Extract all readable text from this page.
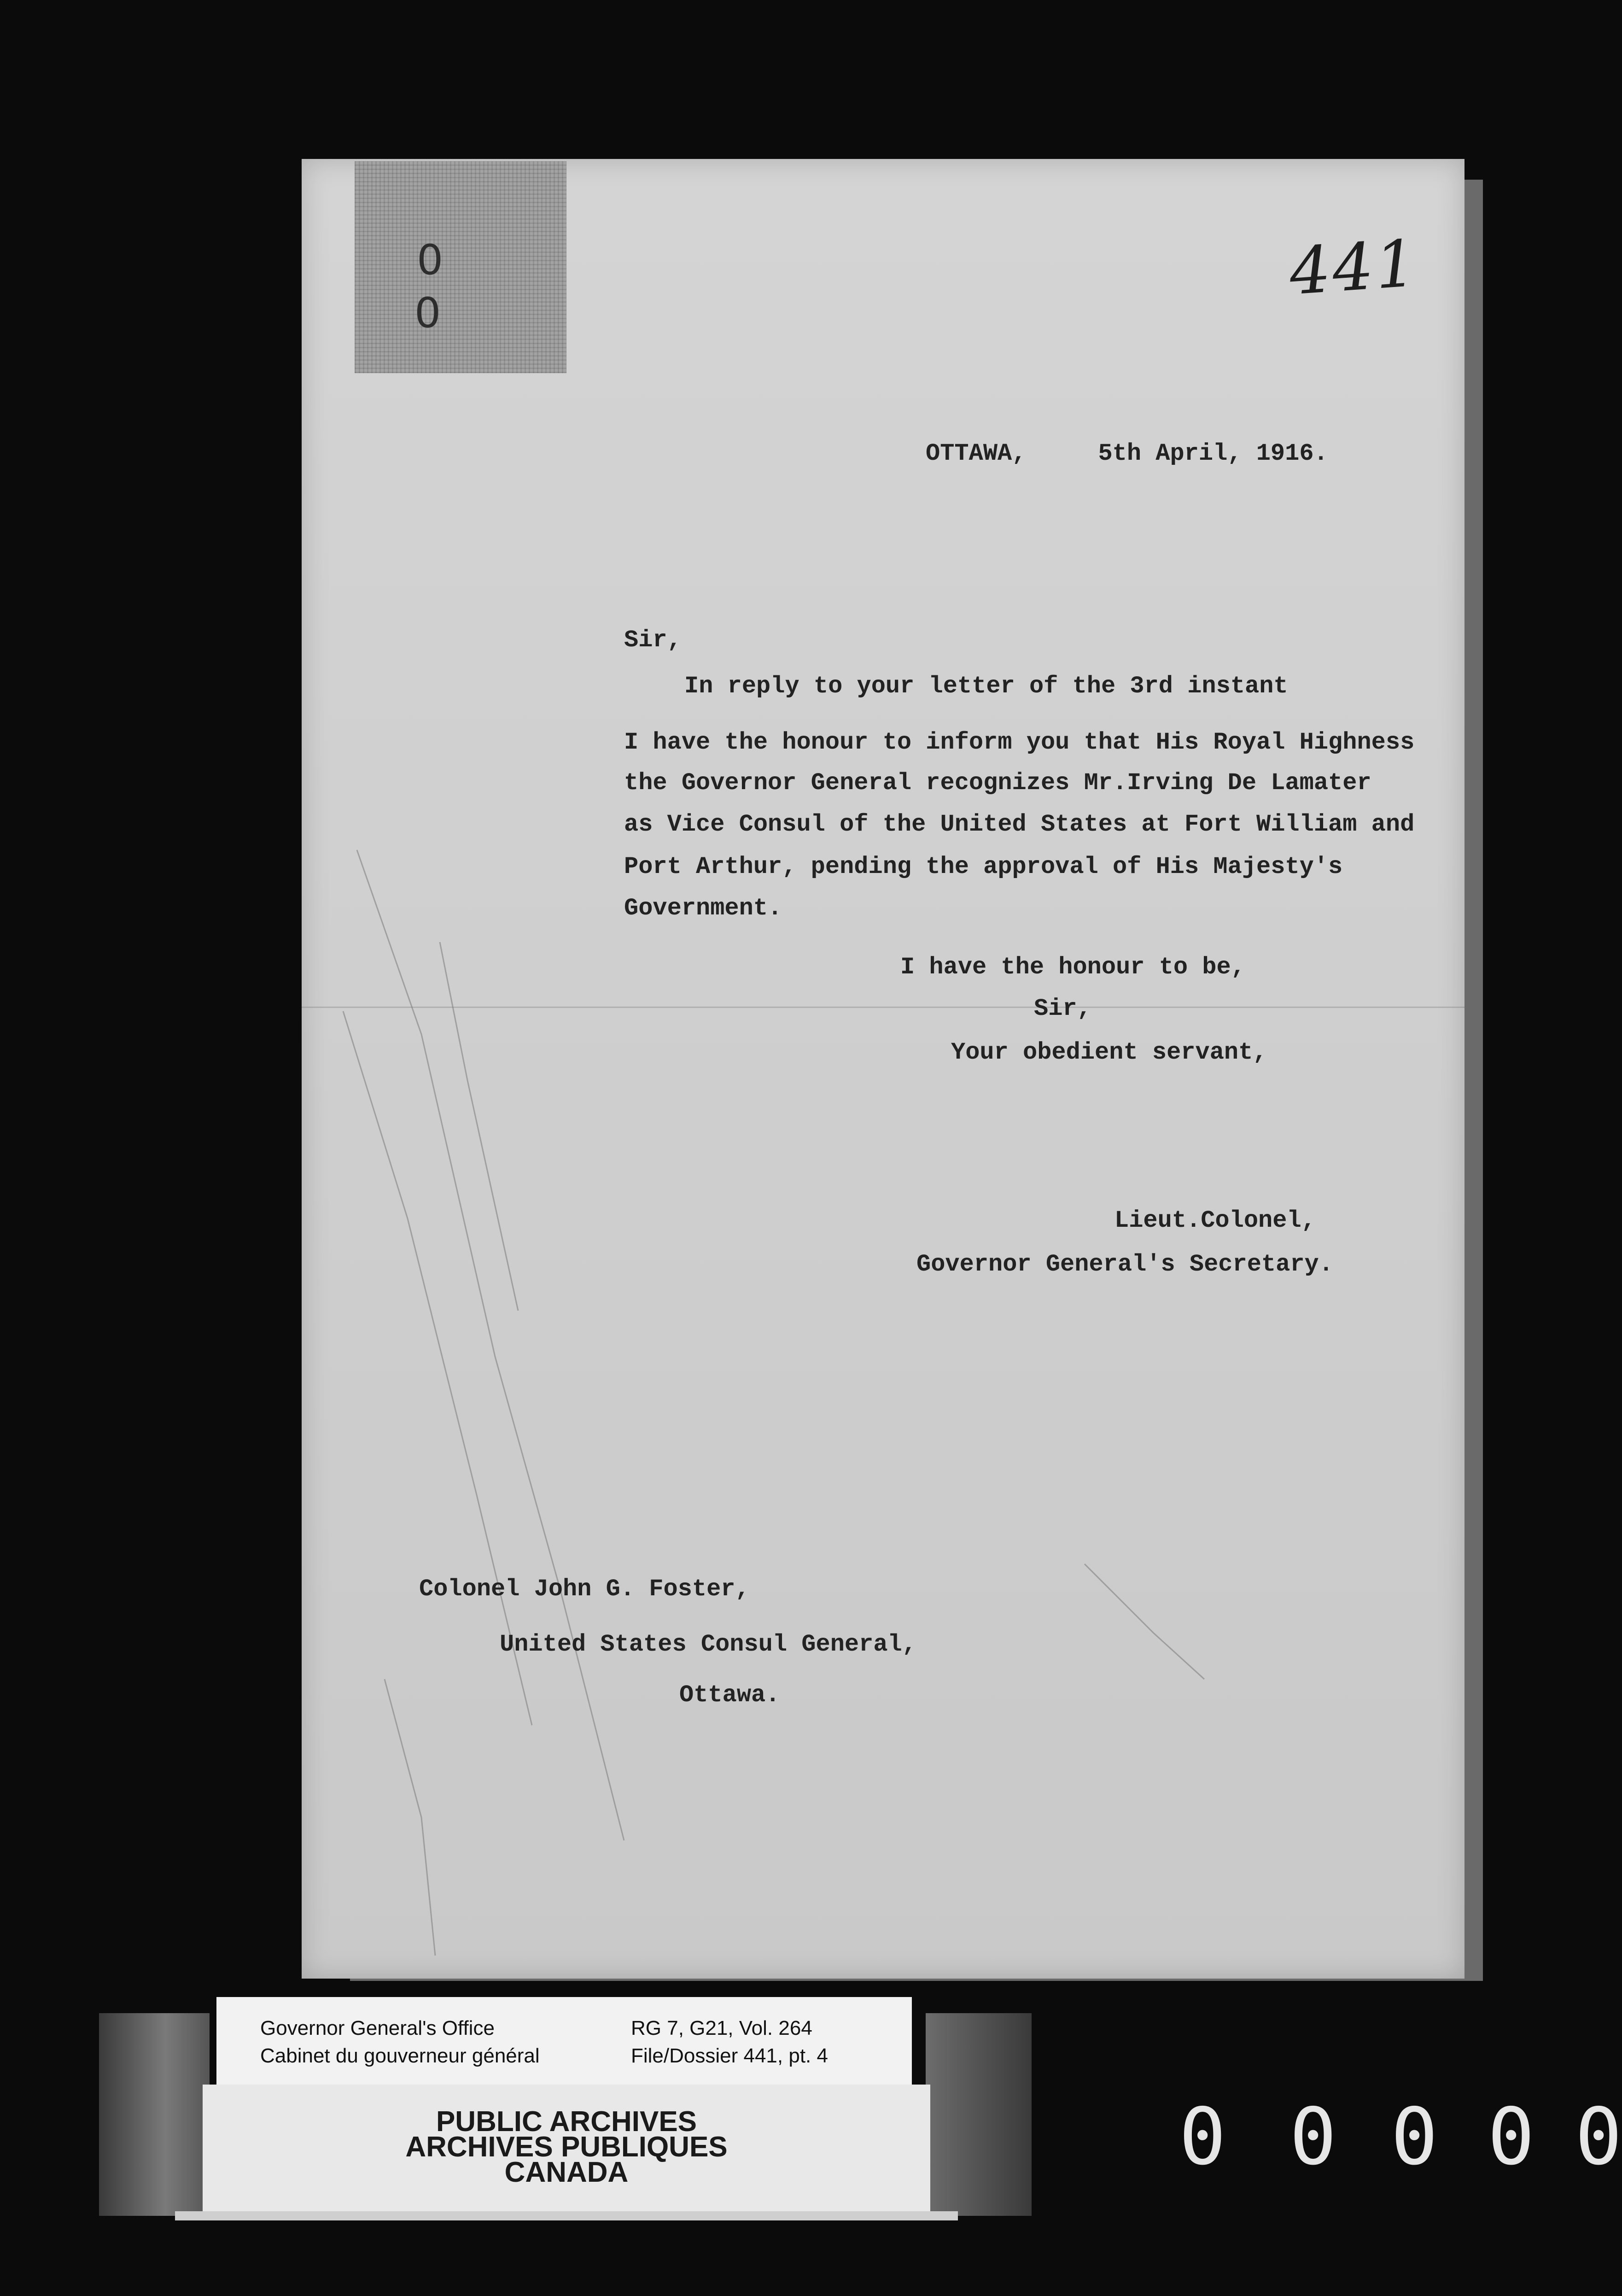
0
0
441
OTTAWA,     5th April, 1916.
Sir,
In reply to your letter of the 3rd instant
I have the honour to inform you that His Royal Highness
the Governor General recognizes Mr.Irving De Lamater
as Vice Consul of the United States at Fort William and
Port Arthur, pending the approval of His Majesty's
Government.
I have the honour to be,
Sir,
Your obedient servant,
Lieut.Colonel,
Governor General's Secretary.
Colonel John G. Foster,
United States Consul General,
Ottawa.
Governor General's Office
Cabinet du gouverneur général
RG 7, G21, Vol. 264
File/Dossier 441, pt. 4
PUBLIC ARCHIVES
ARCHIVES PUBLIQUES
CANADA	0 0 0 0 0
